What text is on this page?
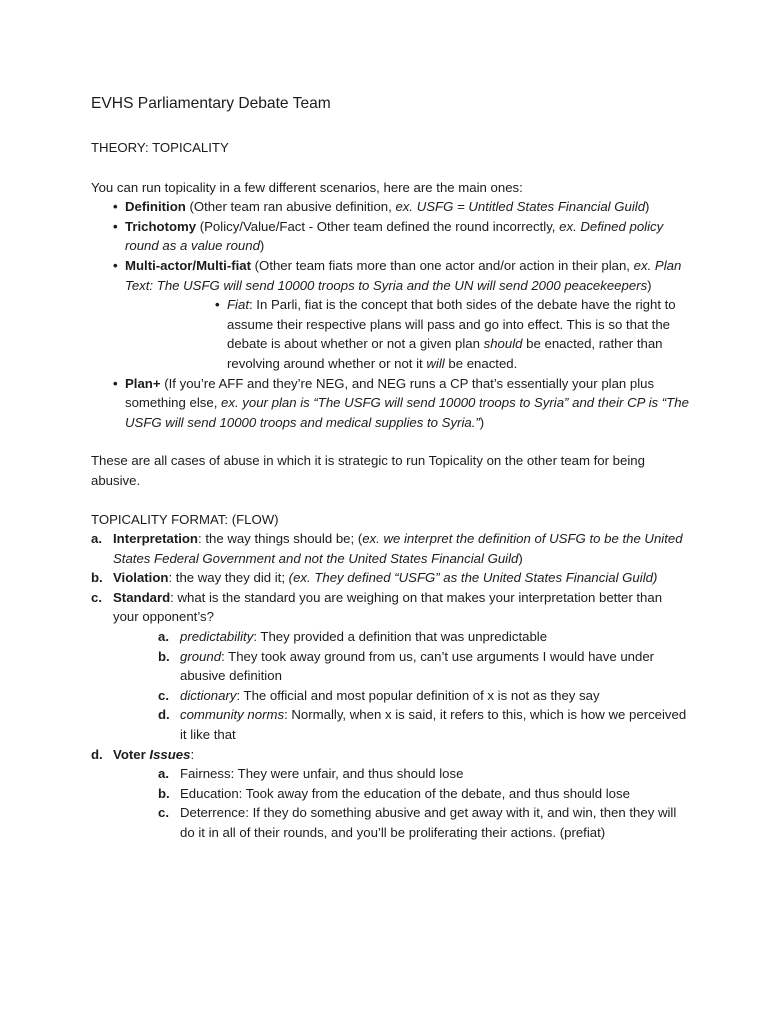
EVHS Parliamentary Debate Team

THEORY: TOPICALITY

You can run topicality in a few different scenarios, here are the main ones:

• Definition (Other team ran abusive definition, ex. USFG = Untitled States Financial Guild)
• Trichotomy (Policy/Value/Fact - Other team defined the round incorrectly, ex. Defined policy round as a value round)
• Multi-actor/Multi-fiat (Other team fiats more than one actor and/or action in their plan, ex. Plan Text: The USFG will send 10000 troops to Syria and the UN will send 2000 peacekeepers)
• Fiat: In Parli, fiat is the concept that both sides of the debate have the right to assume their respective plans will pass and go into effect. This is so that the debate is about whether or not a given plan should be enacted, rather than revolving around whether or not it will be enacted.
• Plan+ (If you’re AFF and they’re NEG, and NEG runs a CP that’s essentially your plan plus something else, ex. your plan is “The USFG will send 10000 troops to Syria” and their CP is “The USFG will send 10000 troops and medical supplies to Syria.”)

These are all cases of abuse in which it is strategic to run Topicality on the other team for being abusive.

TOPICALITY FORMAT: (FLOW)

a. Interpretation: the way things should be; (ex. we interpret the definition of USFG to be the United States Federal Government and not the United States Financial Guild)
b. Violation: the way they did it; (ex. They defined “USFG” as the United States Financial Guild)
c. Standard: what is the standard you are weighing on that makes your interpretation better than your opponent’s?
a. predictability: They provided a definition that was unpredictable
b. ground: They took away ground from us, can’t use arguments I would have under abusive definition
c. dictionary: The official and most popular definition of x is not as they say
d. community norms: Normally, when x is said, it refers to this, which is how we perceived it like that
d. Voter Issues:
a. Fairness: They were unfair, and thus should lose
b. Education: Took away from the education of the debate, and thus should lose
c. Deterrence: If they do something abusive and get away with it, and win, then they will do it in all of their rounds, and you’ll be proliferating their actions. (prefiat)
